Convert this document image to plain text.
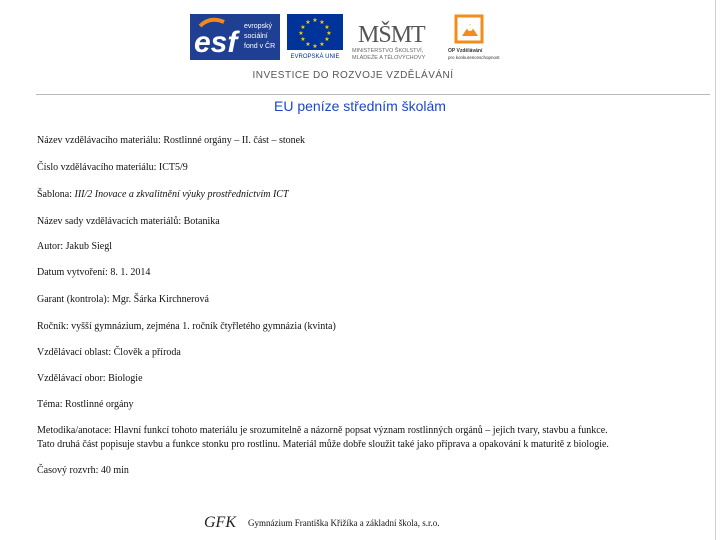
esf evropský
sociální
fond v ČR
★ ★
★
★
★
★
★
★
★
★
★
★
EVROPSKÁ UNIE
MŠMT
MINISTERSTVO ŠKOLSTVÍ,
MLÁDEŽE A TĚLOVÝCHOVY
OP Vzdělávání
pro konkurenceschopnost
INVESTICE DO ROZVOJE VZDĚLÁVÁNÍ
EU peníze středním školám
Název vzdělávacího materiálu: Rostlinné orgány – II. část – stonek
Číslo vzdělávacího materiálu: ICT5/9
Šablona: III/2 Inovace a zkvalitnění výuky prostřednictvím ICT
Název sady vzdělávacích materiálů: Botanika
Autor: Jakub Siegl
Datum vytvoření: 8. 1. 2014
Garant (kontrola): Mgr. Šárka Kirchnerová
Ročník: vyšší gymnázium, zejména 1. ročník čtyřletého gymnázia (kvinta)
Vzdělávací oblast: Člověk a příroda
Vzdělávací obor: Biologie
Téma: Rostlinné orgány
Metodika/anotace: Hlavní funkcí tohoto materiálu je srozumitelně a názorně popsat význam rostlinných orgánů – jejich tvary, stavbu a funkce.
Tato druhá část popisuje stavbu a funkce stonku pro rostlinu. Materiál může dobře sloužit také jako příprava a opakování k maturitě z biologie.
Časový rozvrh: 40 min
GFK Gymnázium Františka Křižíka a základní škola, s.r.o.
